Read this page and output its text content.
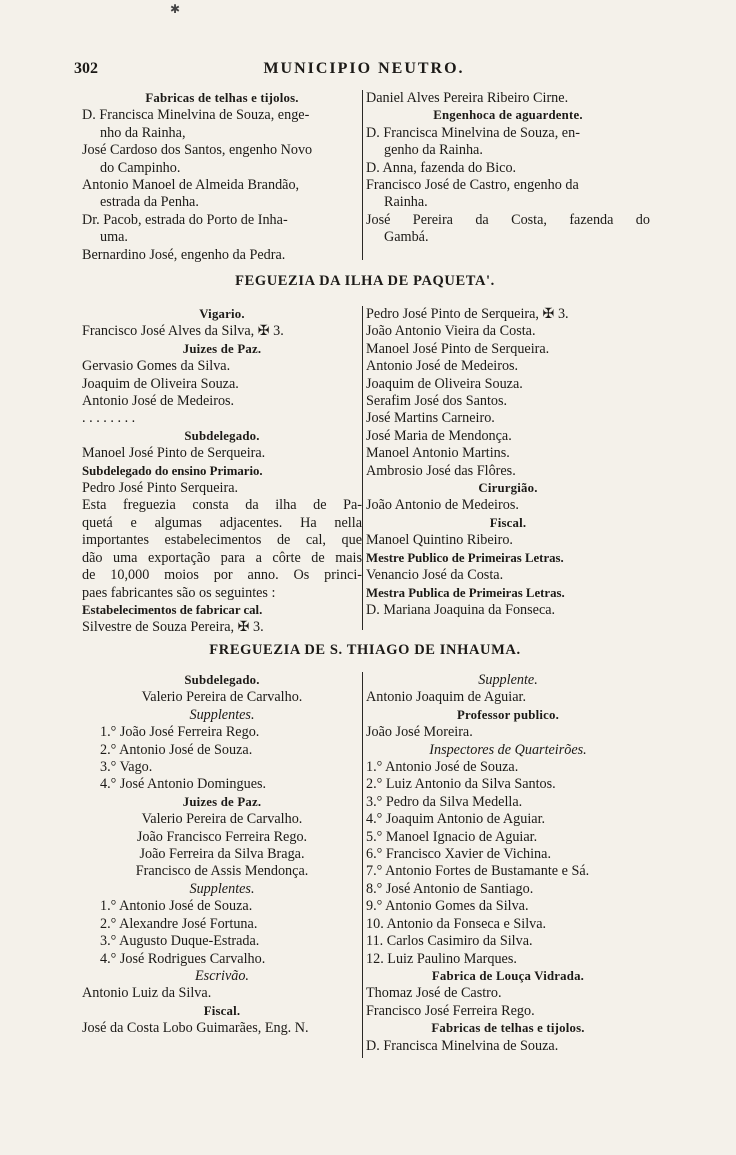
✱
302	MUNICIPIO NEUTRO.
Fabricas de telhas e tijolos.
D. Francisca Minelvina de Souza, enge-
nho da Rainha,
José Cardoso dos Santos, engenho Novo
do Campinho.
Antonio Manoel de Almeida Brandão,
estrada da Penha.
Dr. Pacob, estrada do Porto de Inha-
uma.
Bernardino José, engenho da Pedra.
Daniel Alves Pereira Ribeiro Cirne.
Engenhoca de aguardente.
D. Francisca Minelvina de Souza, en-
genho da Rainha.
D. Anna, fazenda do Bico.
Francisco José de Castro, engenho da
Rainha.
José Pereira da Costa, fazenda do
Gambá.
FEGUEZIA DA ILHA DE PAQUETA'.
Vigario.
Francisco José Alves da Silva, ✠ 3.
Juizes de Paz.
Gervasio Gomes da Silva.
Joaquim de Oliveira Souza.
Antonio José de Medeiros.
. . . . . . . .
Subdelegado.
Manoel José Pinto de Serqueira.
Subdelegado do ensino Primario.
Pedro José Pinto Serqueira.
Esta freguezia consta da ilha de Pa-
quetá e algumas adjacentes. Ha nella
importantes estabelecimentos de cal, que
dão uma exportação para a côrte de mais
de 10,000 moios por anno. Os princi-
paes fabricantes são os seguintes :
Estabelecimentos de fabricar cal.
Silvestre de Souza Pereira, ✠ 3.
Pedro José Pinto de Serqueira, ✠ 3.
João Antonio Vieira da Costa.
Manoel José Pinto de Serqueira.
Antonio José de Medeiros.
Joaquim de Oliveira Souza.
Serafim José dos Santos.
José Martins Carneiro.
José Maria de Mendonça.
Manoel Antonio Martins.
Ambrosio José das Flôres.
Cirurgião.
João Antonio de Medeiros.
Fiscal.
Manoel Quintino Ribeiro.
Mestre Publico de Primeiras Letras.
Venancio José da Costa.
Mestra Publica de Primeiras Letras.
D. Mariana Joaquina da Fonseca.
FREGUEZIA DE S. THIAGO DE INHAUMA.
Subdelegado.
Valerio Pereira de Carvalho.
Supplentes.
1.° João José Ferreira Rego.
2.° Antonio José de Souza.
3.° Vago.
4.° José Antonio Domingues.
Juizes de Paz.
Valerio Pereira de Carvalho.
João Francisco Ferreira Rego.
João Ferreira da Silva Braga.
Francisco de Assis Mendonça.
Supplentes.
1.° Antonio José de Souza.
2.° Alexandre José Fortuna.
3.° Augusto Duque-Estrada.
4.° José Rodrigues Carvalho.
Escrivão.
Antonio Luiz da Silva.
Fiscal.
José da Costa Lobo Guimarães, Eng. N.
Supplente.
Antonio Joaquim de Aguiar.
Professor publico.
João José Moreira.
Inspectores de Quarteirões.
1.° Antonio José de Souza.
2.° Luiz Antonio da Silva Santos.
3.° Pedro da Silva Medella.
4.° Joaquim Antonio de Aguiar.
5.° Manoel Ignacio de Aguiar.
6.° Francisco Xavier de Vichina.
7.° Antonio Fortes de Bustamante e Sá.
8.° José Antonio de Santiago.
9.° Antonio Gomes da Silva.
10. Antonio da Fonseca e Silva.
11. Carlos Casimiro da Silva.
12. Luiz Paulino Marques.
Fabrica de Louça Vidrada.
Thomaz José de Castro.
Francisco José Ferreira Rego.
Fabricas de telhas e tijolos.
D. Francisca Minelvina de Souza.
